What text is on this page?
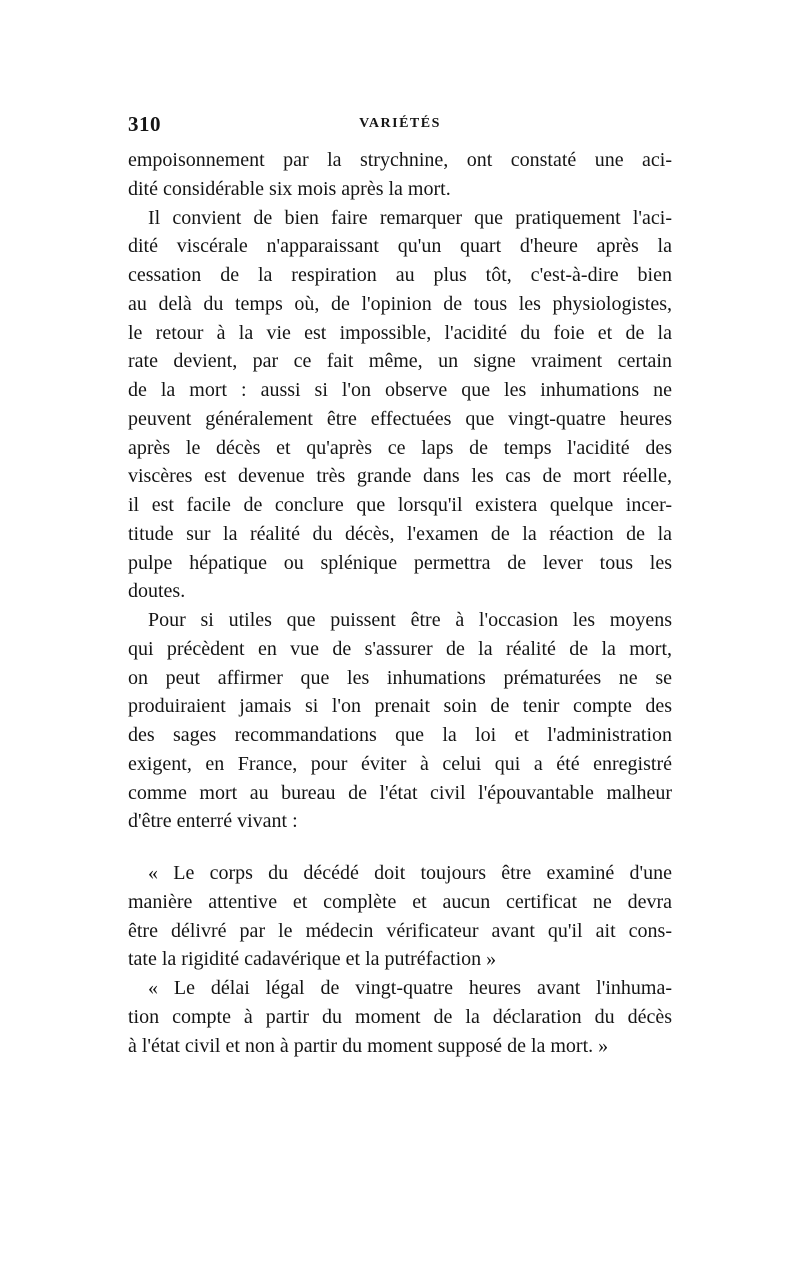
310	VARIÉTÉS
empoisonnement par la strychnine, ont constaté une aci-
dité considérable six mois après la mort.
Il convient de bien faire remarquer que pratiquement l'aci-
dité viscérale n'apparaissant qu'un quart d'heure après la
cessation de la respiration au plus tôt, c'est-à-dire bien
au delà du temps où, de l'opinion de tous les physiologistes,
le retour à la vie est impossible, l'acidité du foie et de la
rate devient, par ce fait même, un signe vraiment certain
de la mort : aussi si l'on observe que les inhumations ne
peuvent généralement être effectuées que vingt-quatre heures
après le décès et qu'après ce laps de temps l'acidité des
viscères est devenue très grande dans les cas de mort réelle,
il est facile de conclure que lorsqu'il existera quelque incer-
titude sur la réalité du décès, l'examen de la réaction de la
pulpe hépatique ou splénique permettra de lever tous les
doutes.
Pour si utiles que puissent être à l'occasion les moyens
qui précèdent en vue de s'assurer de la réalité de la mort,
on peut affirmer que les inhumations prématurées ne se
produiraient jamais si l'on prenait soin de tenir compte des
des sages recommandations que la loi et l'administration
exigent, en France, pour éviter à celui qui a été enregistré
comme mort au bureau de l'état civil l'épouvantable malheur
d'être enterré vivant :
« Le corps du décédé doit toujours être examiné d'une
manière attentive et complète et aucun certificat ne devra
être délivré par le médecin vérificateur avant qu'il ait cons-
tate la rigidité cadavérique et la putréfaction »
« Le délai légal de vingt-quatre heures avant l'inhuma-
tion compte à partir du moment de la déclaration du décès
à l'état civil et non à partir du moment supposé de la mort. »
